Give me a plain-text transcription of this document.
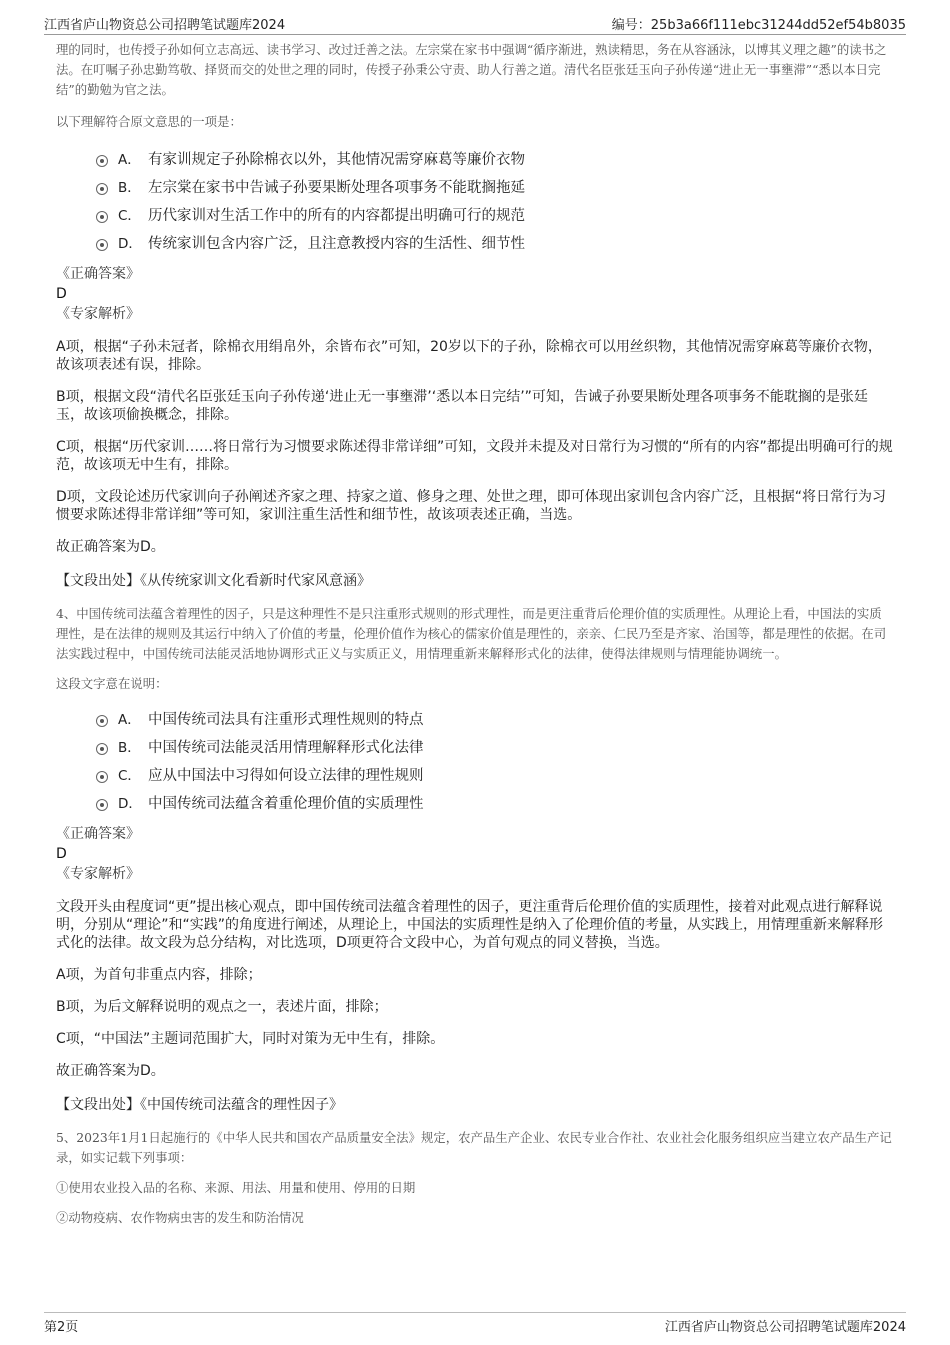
江西省庐山物资总公司招聘笔试题库2024	编号：25b3a66f111ebc31244dd52ef54b8035

理的同时，也传授子孙如何立志高远、读书学习、改过迁善之法。左宗棠在家书中强调“循序渐进，熟读精思，务在从容涵泳，以博其义理之趣”的读书之法。在叮嘱子孙忠勤笃敬、择贤而交的处世之理的同时，传授子孙秉公守责、助人行善之道。清代名臣张廷玉向子孙传递“进止无一事壅滞”“悉以本日完结”的勤勉为官之法。

以下理解符合原文意思的一项是：

A． 有家训规定子孙除棉衣以外，其他情况需穿麻葛等廉价衣物
B． 左宗棠在家书中告诫子孙要果断处理各项事务不能耽搁拖延
C． 历代家训对生活工作中的所有的内容都提出明确可行的规范
D． 传统家训包含内容广泛，且注意教授内容的生活性、细节性

《正确答案》

D

《专家解析》

A项，根据“子孙未冠者，除棉衣用绢帛外，余皆布衣”可知，20岁以下的子孙，除棉衣可以用丝织物，其他情况需穿麻葛等廉价衣物，故该项表述有误，排除。

B项，根据文段“清代名臣张廷玉向子孙传递‘进止无一事壅滞’‘悉以本日完结’”可知，告诫子孙要果断处理各项事务不能耽搁的是张廷玉，故该项偷换概念，排除。

C项，根据“历代家训……将日常行为习惯要求陈述得非常详细”可知，文段并未提及对日常行为习惯的“所有的内容”都提出明确可行的规范，故该项无中生有，排除。

D项，文段论述历代家训向子孙阐述齐家之理、持家之道、修身之理、处世之理，即可体现出家训包含内容广泛，且根据“将日常行为习惯要求陈述得非常详细”等可知，家训注重生活性和细节性，故该项表述正确，当选。

故正确答案为D。

【文段出处】《从传统家训文化看新时代家风意涵》

4、中国传统司法蕴含着理性的因子，只是这种理性不是只注重形式规则的形式理性，而是更注重背后伦理价值的实质理性。从理论上看，中国法的实质理性，是在法律的规则及其运行中纳入了价值的考量，伦理价值作为核心的儒家价值是理性的，亲亲、仁民乃至是齐家、治国等，都是理性的依据。在司法实践过程中，中国传统司法能灵活地协调形式正义与实质正义，用情理重新来解释形式化的法律，使得法律规则与情理能协调统一。

这段文字意在说明：

A． 中国传统司法具有注重形式理性规则的特点
B． 中国传统司法能灵活用情理解释形式化法律
C． 应从中国法中习得如何设立法律的理性规则
D． 中国传统司法蕴含着重伦理价值的实质理性

《正确答案》

D

《专家解析》

文段开头由程度词“更”提出核心观点，即中国传统司法蕴含着理性的因子，更注重背后伦理价值的实质理性，接着对此观点进行解释说明，分别从“理论”和“实践”的角度进行阐述，从理论上，中国法的实质理性是纳入了伦理价值的考量，从实践上，用情理重新来解释形式化的法律。故文段为总分结构，对比选项，D项更符合文段中心，为首句观点的同义替换，当选。

A项，为首句非重点内容，排除；

B项，为后文解释说明的观点之一，表述片面，排除；

C项，“中国法”主题词范围扩大，同时对策为无中生有，排除。

故正确答案为D。

【文段出处】《中国传统司法蕴含的理性因子》

5、2023年1月1日起施行的《中华人民共和国农产品质量安全法》规定，农产品生产企业、农民专业合作社、农业社会化服务组织应当建立农产品生产记录，如实记载下列事项：

①使用农业投入品的名称、来源、用法、用量和使用、停用的日期

②动物疫病、农作物病虫害的发生和防治情况

第2页	江西省庐山物资总公司招聘笔试题库2024
